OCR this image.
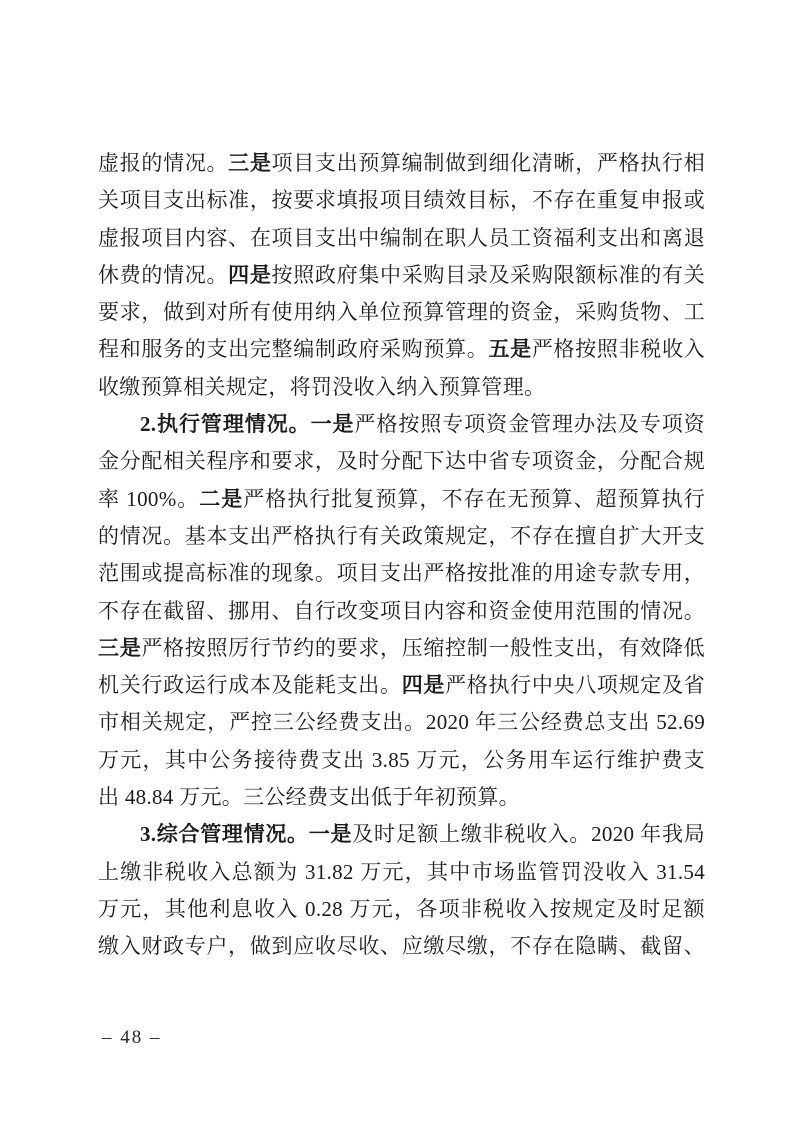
虚报的情况。三是项目支出预算编制做到细化清晰，严格执行相
关项目支出标准，按要求填报项目绩效目标，不存在重复申报或
虚报项目内容、在项目支出中编制在职人员工资福利支出和离退
休费的情况。四是按照政府集中采购目录及采购限额标准的有关
要求，做到对所有使用纳入单位预算管理的资金，采购货物、工
程和服务的支出完整编制政府采购预算。五是严格按照非税收入
收缴预算相关规定，将罚没收入纳入预算管理。
2.执行管理情况。一是严格按照专项资金管理办法及专项资
金分配相关程序和要求，及时分配下达中省专项资金，分配合规
率 100%。二是严格执行批复预算，不存在无预算、超预算执行
的情况。基本支出严格执行有关政策规定，不存在擅自扩大开支
范围或提高标准的现象。项目支出严格按批准的用途专款专用，
不存在截留、挪用、自行改变项目内容和资金使用范围的情况。
三是严格按照厉行节约的要求，压缩控制一般性支出，有效降低
机关行政运行成本及能耗支出。四是严格执行中央八项规定及省
市相关规定，严控三公经费支出。2020 年三公经费总支出 52.69
万元，其中公务接待费支出 3.85 万元，公务用车运行维护费支
出 48.84 万元。三公经费支出低于年初预算。
3.综合管理情况。一是及时足额上缴非税收入。2020 年我局
上缴非税收入总额为 31.82 万元，其中市场监管罚没收入 31.54
万元，其他利息收入 0.28 万元，各项非税收入按规定及时足额
缴入财政专户，做到应收尽收、应缴尽缴，不存在隐瞒、截留、
– 48 –
